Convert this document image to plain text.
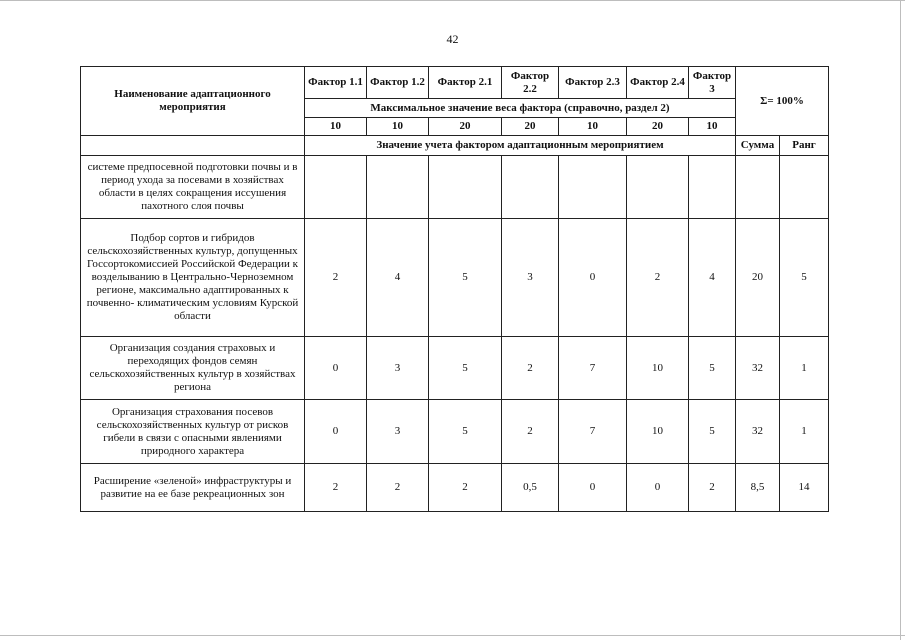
42
Наименование адаптационного мероприятия	Фактор 1.1	Фактор 1.2	Фактор 2.1	Фактор 2.2	Фактор 2.3	Фактор 2.4	Фактор 3	Σ= 100%	
	Максимальное значение веса фактора (справочно, раздел 2)								
	10	10	20	20	10	20	10		
	Значение учета фактором адаптационным мероприятием							Сумма	Ранг
системе предпосевной подготовки почвы и в период ухода за посевами в хозяйствах области в целях сокращения иссушения пахотного слоя почвы									
Подбор сортов и гибридов сельскохозяйственных культур, допущенных Госсортокомиссией Российской Федерации к возделыванию в Центрально-Черноземном регионе, максимально адаптированных к почвенно- климатическим условиям Курской области	2	4	5	3	0	2	4	20	5
Организация создания страховых и переходящих фондов семян сельскохозяйственных культур в хозяйствах региона	0	3	5	2	7	10	5	32	1
Организация страхования посевов сельскохозяйственных культур от рисков гибели в связи с опасными явлениями природного характера	0	3	5	2	7	10	5	32	1
Расширение «зеленой» инфраструктуры и развитие на ее базе рекреационных зон	2	2	2	0,5	0	0	2	8,5	14
